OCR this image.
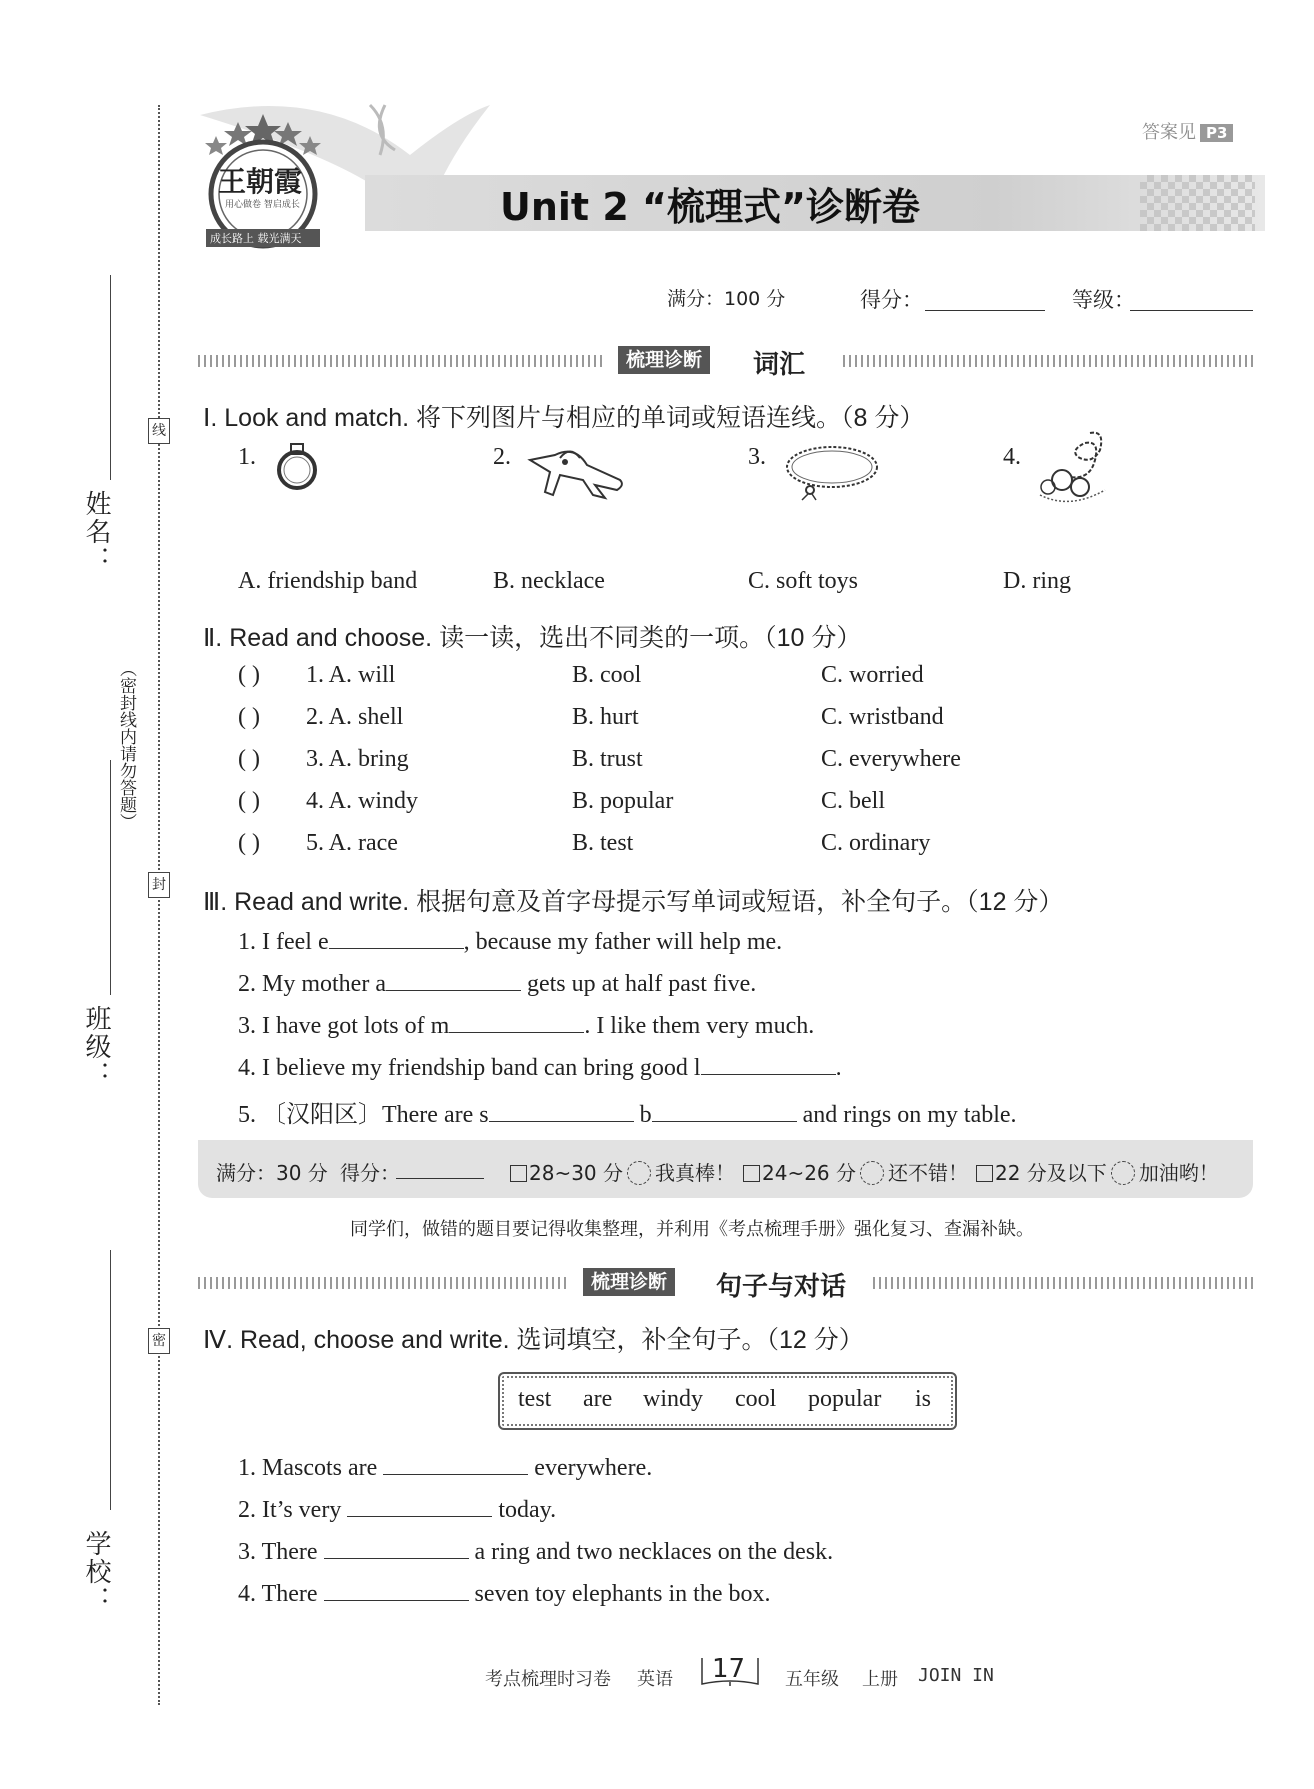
学校：
班级：
姓名：
线
封
密
（密封线内请勿答题）
王朝霞
用心做卷 智启成长
成长路上 载光满天
答案见 P3
Unit 2 “梳理式”诊断卷
满分：100 分	得分：	等级：
梳理诊断	词汇
Ⅰ. Look and match. 将下列图片与相应的单词或短语连线。（8 分）
1.	2.	3.	4.
A. friendship band	B. necklace	C. soft toys	D. ring
Ⅱ. Read and choose. 读一读，选出不同类的一项。（10 分）
( ) 1. A. will	B. cool	C. worried
( ) 2. A. shell	B. hurt	C. wristband
( ) 3. A. bring	B. trust	C. everywhere
( ) 4. A. windy	B. popular	C. bell
( ) 5. A. race	B. test	C. ordinary
Ⅲ. Read and write. 根据句意及首字母提示写单词或短语，补全句子。（12 分）
1. I feel e	, because my father will help me.
2. My mother a	gets up at half past five.
3. I have got lots of m	. I like them very much.
4. I believe my friendship band can bring good l	.
5. 〔汉阳区〕There are s	b	and rings on my table.
满分：30 分 得分：	28~30 分 我真棒！	24~26 分 还不错！	22 分及以下 加油哟！
同学们，做错的题目要记得收集整理，并利用《考点梳理手册》强化复习、查漏补缺。
梳理诊断	句子与对话
Ⅳ. Read, choose and write. 选词填空，补全句子。（12 分）
test are windy cool popular is
1. Mascots are	everywhere.
2. It’s very	today.
3. There	a ring and two necklaces on the desk.
4. There	seven toy elephants in the box.
考点梳理时习卷 英语 17 五年级 上册 JOIN IN
